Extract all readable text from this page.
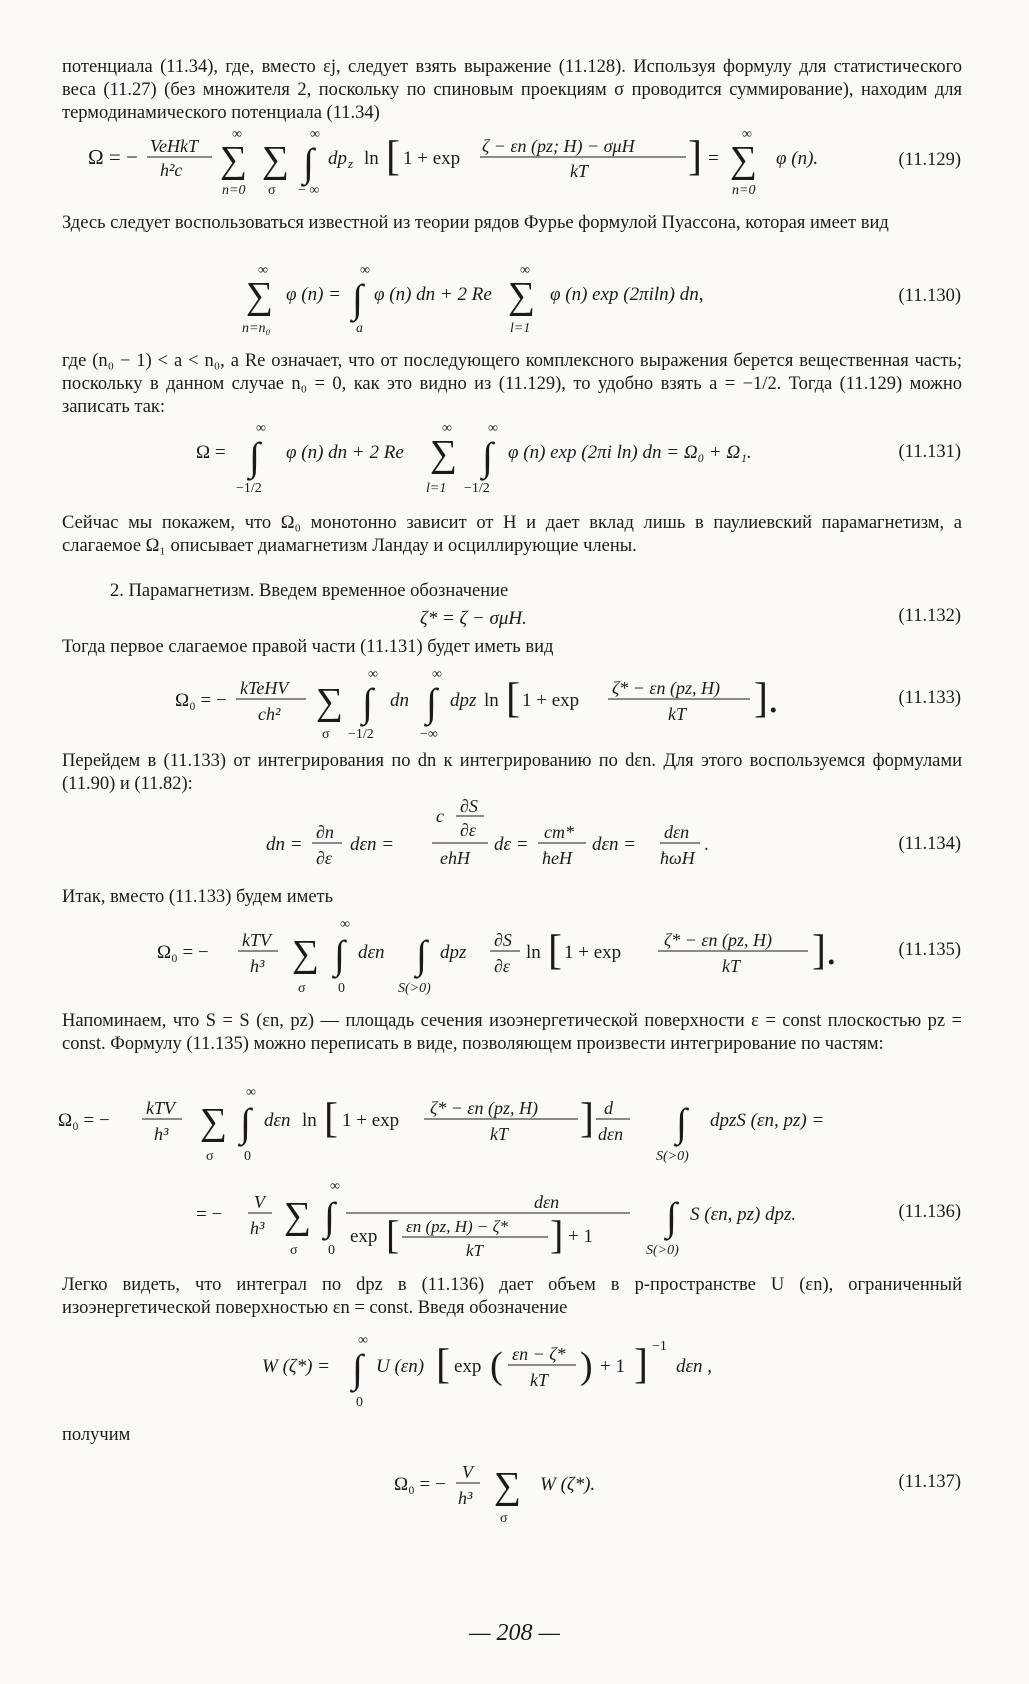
потенциала (11.34), где, вместо εj, следует взять выражение (11.128). Используя формулу для статистического веса (11.27) (без множителя 2, поскольку по спиновым проекциям σ проводится суммирование), находим для термодинамического потенциала (11.34)
Ω = − VeHkT
h²c
∞
∑
n=0
∑
σ
∞
∫
− ∞
dp z ln [ 1 + exp
ζ − εn (pz; H) − σμH
kT ] =
∞
∑
n=0
φ (n).	(11.129)
Здесь следует воспользоваться известной из теории рядов Фурье формулой Пуассона, которая имеет вид
∞
∑
n=n₀
φ (n) =
∞
∫
a
φ (n) dn + 2 Re
∞
∑
l=1
φ (n) exp (2πiln) dn,	(11.130)
где (n₀ − 1) < a < n₀, а Re означает, что от последующего комплексного выражения берется вещественная часть; поскольку в данном случае n₀ = 0, как это видно из (11.129), то удобно взять a = −1/2. Тогда (11.129) можно записать так:
Ω =
∞
∫
−1/2
φ (n) dn + 2 Re
∞
∑
l=1
∞
∫
−1/2
φ (n) exp (2πi ln) dn = Ω₀ + Ω₁.	(11.131)
Сейчас мы покажем, что Ω₀ монотонно зависит от H и дает вклад лишь в паулиевский парамагнетизм, а слагаемое Ω₁ описывает диамагнетизм Ландау и осциллирующие члены.
2. Парамагнетизм. Введем временное обозначение
ζ* = ζ − σμH.	(11.132)
Тогда первое слагаемое правой части (11.131) будет иметь вид
Ω₀ = −
kTeHV
ch² ∑
σ
∞
∫
−1/2
dn
∞
∫
−∞
dpz ln [ 1 + exp
ζ* − εn (pz, H)
kT ].	(11.133)
Перейдем в (11.133) от интегрирования по dn к интегрированию по dεn. Для этого воспользуемся формулами (11.90) и (11.82):
dn =
∂n
∂ε
dεn =
c ∂S
∂ε
ehH
dε =
cm*
ħeH
dεn =
dεn
ħωH
.	(11.134)
Итак, вместо (11.133) будем иметь
Ω₀ = −
kTV
h³ ∑
σ
∞
∫
0
dεn ∫
S(>0)
dpz
∂S
∂ε
ln [ 1 + exp
ζ* − εn (pz, H)
kT ].	(11.135)
Напоминаем, что S = S (εn, pz) — площадь сечения изоэнергетической поверхности ε = const плоскостью pz = const. Формулу (11.135) можно переписать в виде, позволяющем произвести интегрирование по частям:
Ω₀ = −
kTV
h³ ∑
σ
∞
∫
0
dεn ln [ 1 + exp
ζ* − εn (pz, H)
kT ] d
dεn ∫
S(>0)
dpzS (εn, pz) =
= −
V
h³ ∑
σ
∞
∫
0
dεn
exp [ εn (pz, H) − ζ*
kT ] + 1 ∫
S(>0)
S (εn, pz) dpz.	(11.136)
Легко видеть, что интеграл по dpz в (11.136) дает объем в p-пространстве U (εn), ограниченный изоэнергетической поверхностью εn = const. Введя обозначение
W (ζ*) =
∞
∫
0
U (εn) [ exp ( εn − ζ*
kT ) + 1 ] −1
dεn ,
получим
Ω₀ = −
V
h³ ∑
σ
W (ζ*).	(11.137)
— 208 —
